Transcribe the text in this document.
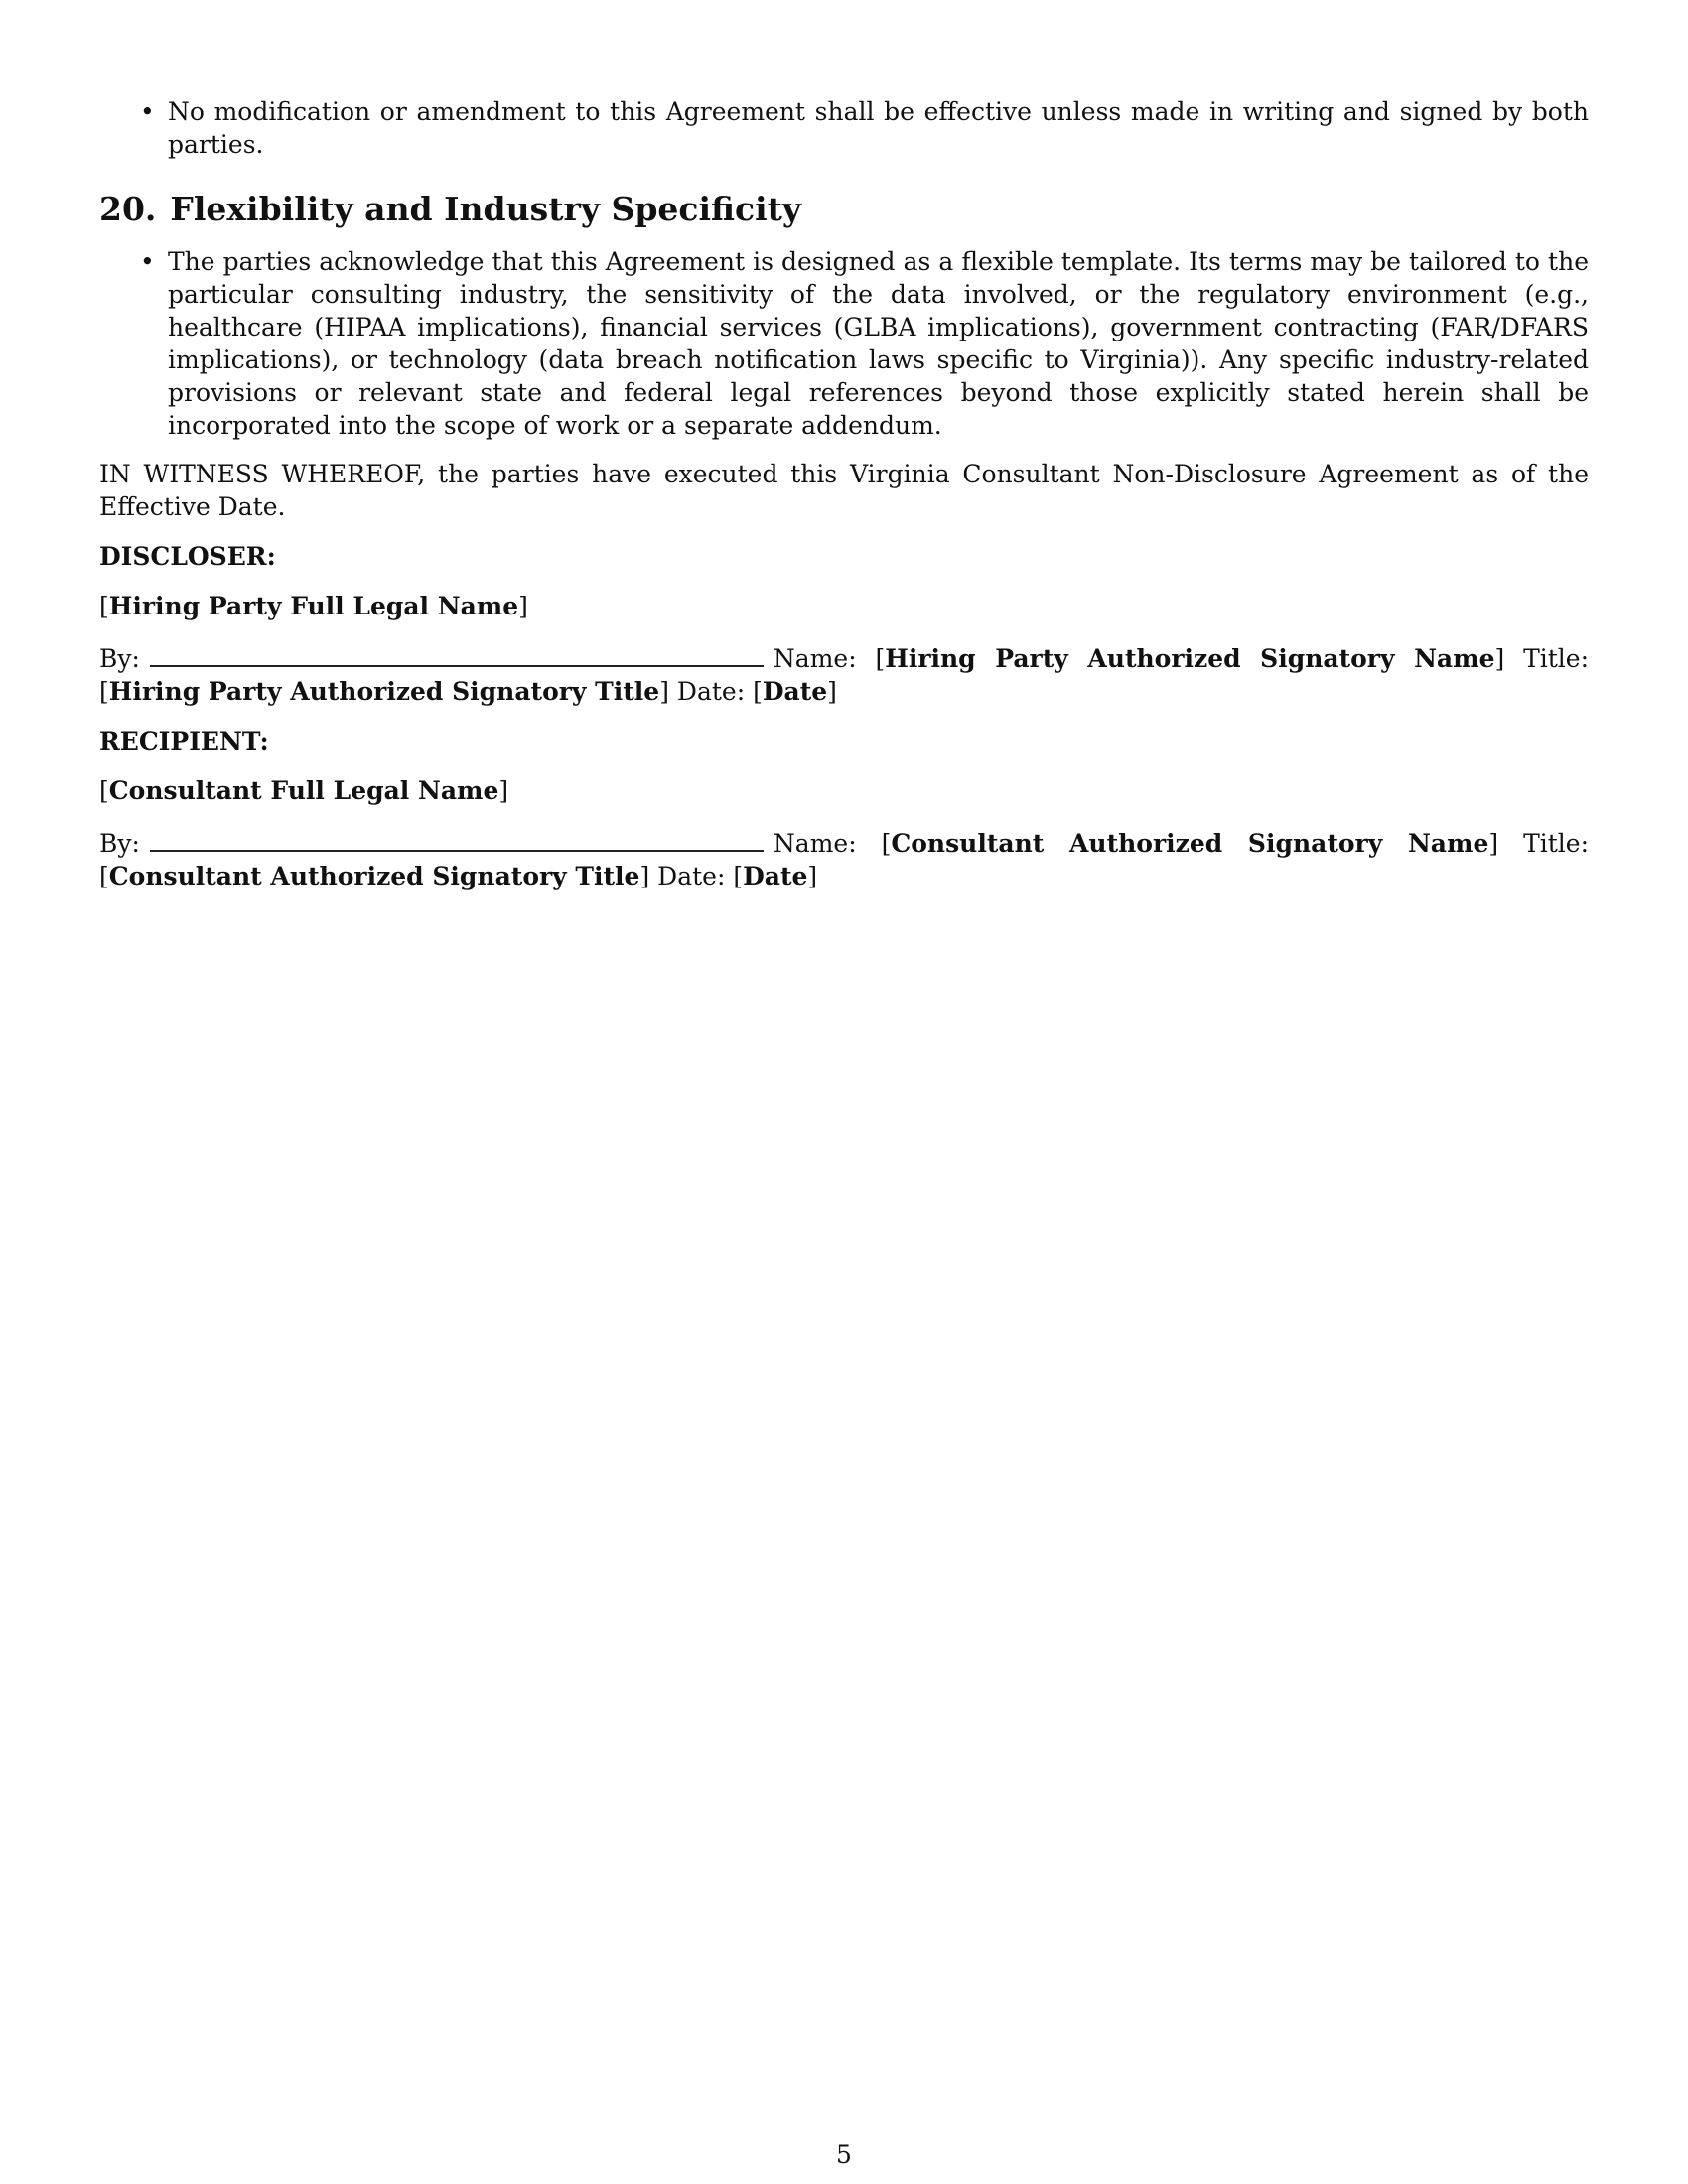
• No modification or amendment to this Agreement shall be effective unless made in writing and signed by both parties.
20. Flexibility and Industry Specificity
• The parties acknowledge that this Agreement is designed as a flexible template. Its terms may be tailored to the particular consulting industry, the sensitivity of the data involved, or the regulatory environment (e.g., healthcare (HIPAA implications), financial services (GLBA implications), government contracting (FAR/DFARS implications), or technology (data breach notification laws specific to Virginia)). Any specific industry-related provisions or relevant state and federal legal references beyond those explicitly stated herein shall be incorporated into the scope of work or a separate addendum.

IN WITNESS WHEREOF, the parties have executed this Virginia Consultant Non-Disclosure Agreement as of the Effective Date.

DISCLOSER:
[Hiring Party Full Legal Name]
By:	Name: [Hiring Party Authorized Signatory Name] Title: [Hiring Party Authorized Signatory Title] Date: [Date]
RECIPIENT:
[Consultant Full Legal Name]
By:	Name: [Consultant Authorized Signatory Name] Title: [Consultant Authorized Signatory Title] Date: [Date]
5
